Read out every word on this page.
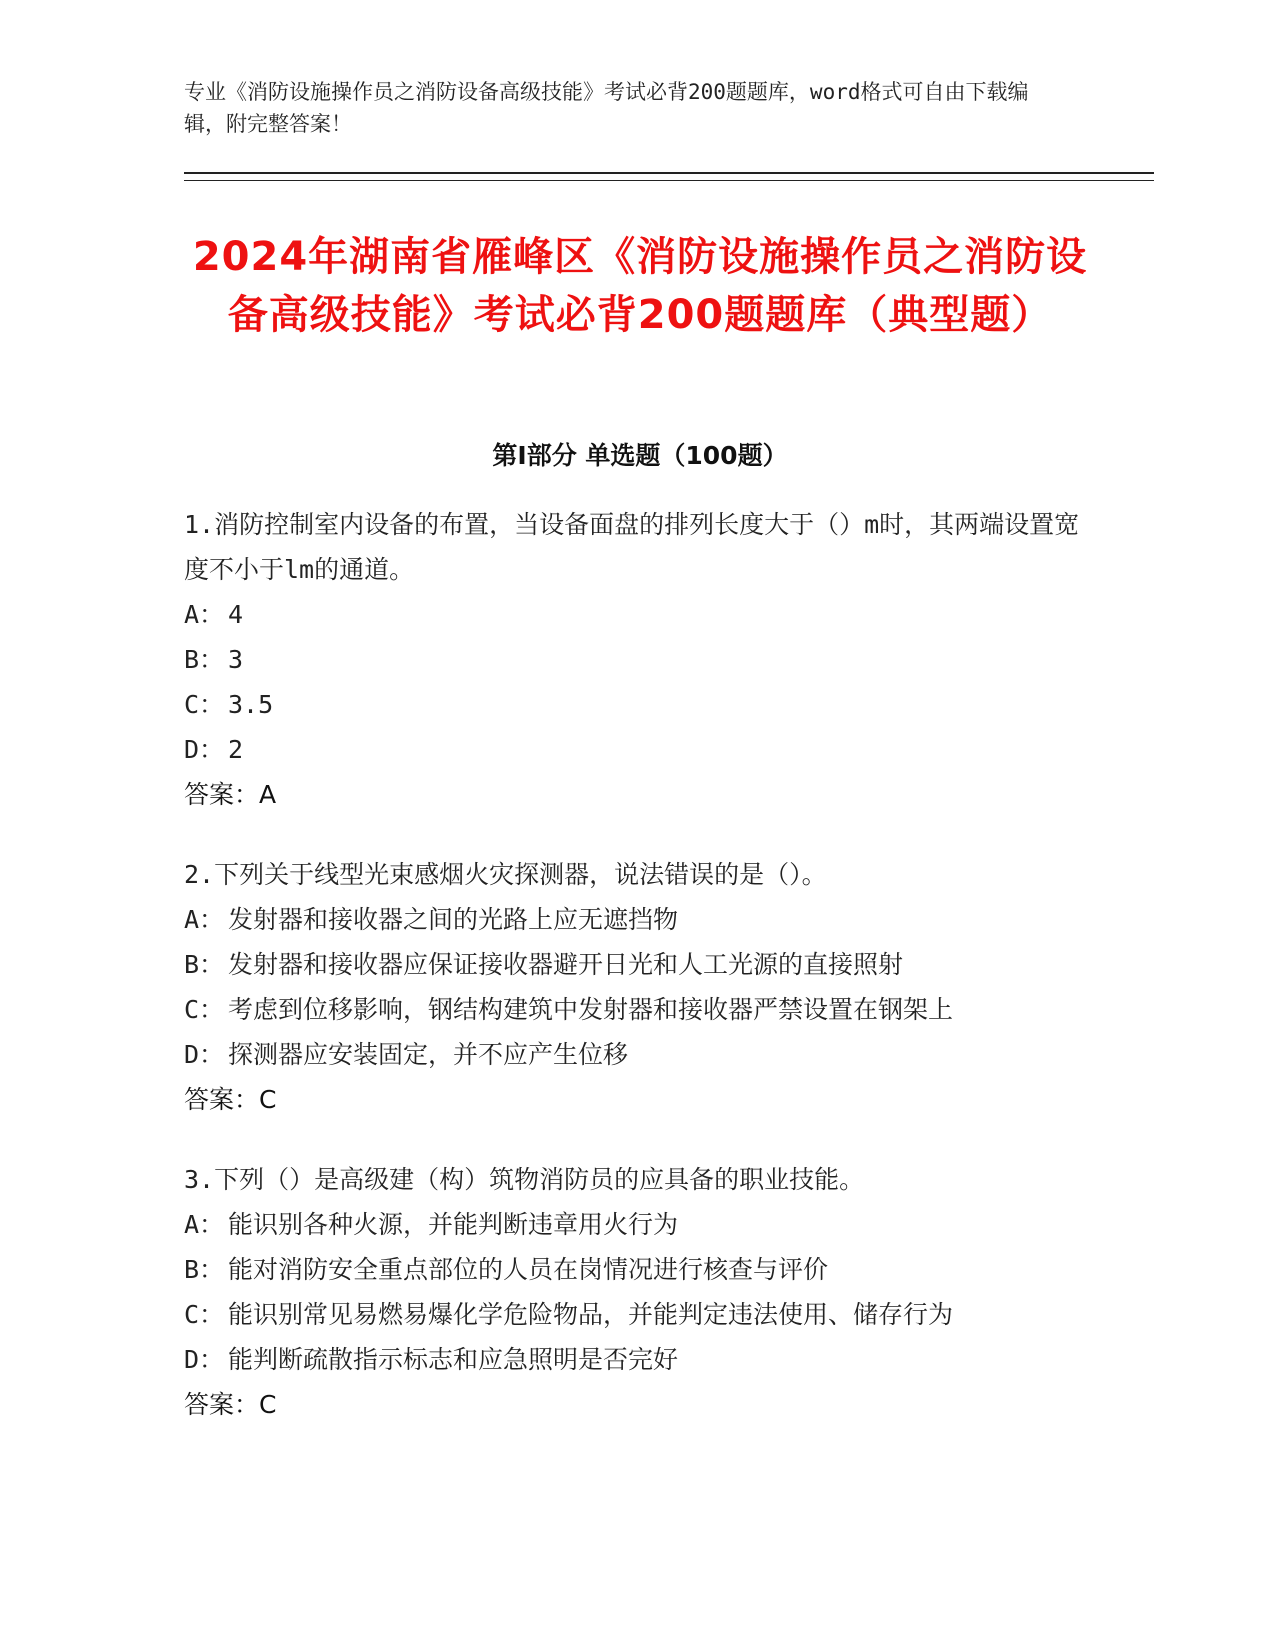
专业《消防设施操作员之消防设备高级技能》考试必背200题题库，word格式可自由下载编辑，附完整答案！
2024年湖南省雁峰区《消防设施操作员之消防设备高级技能》考试必背200题题库（典型题）
第I部分 单选题（100题）
1.消防控制室内设备的布置，当设备面盘的排列长度大于（）m时，其两端设置宽度不小于lm的通道。
A： 4
B： 3
C： 3.5
D： 2
答案：A
2.下列关于线型光束感烟火灾探测器，说法错误的是（）。
A： 发射器和接收器之间的光路上应无遮挡物
B： 发射器和接收器应保证接收器避开日光和人工光源的直接照射
C： 考虑到位移影响，钢结构建筑中发射器和接收器严禁设置在钢架上
D： 探测器应安装固定，并不应产生位移
答案：C
3.下列（）是高级建（构）筑物消防员的应具备的职业技能。
A： 能识别各种火源，并能判断违章用火行为
B： 能对消防安全重点部位的人员在岗情况进行核查与评价
C： 能识别常见易燃易爆化学危险物品，并能判定违法使用、储存行为
D： 能判断疏散指示标志和应急照明是否完好
答案：C
